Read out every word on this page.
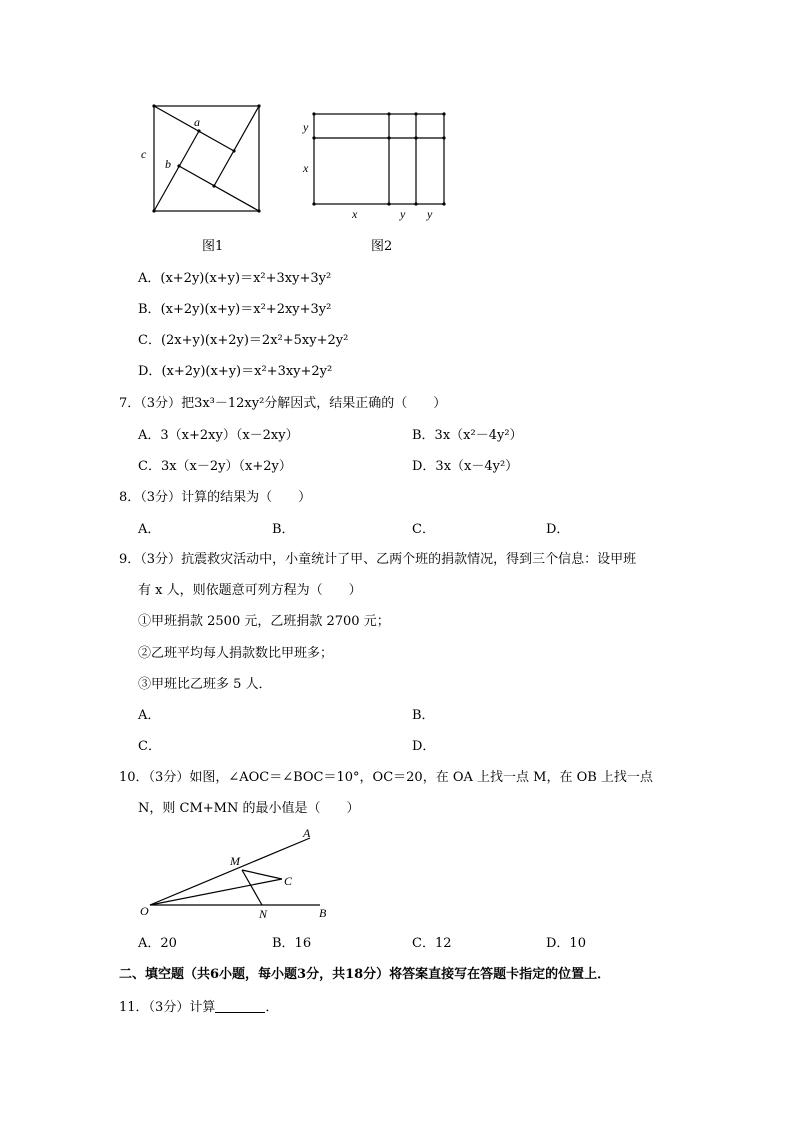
a
b
c
图1
y
x
x	y y
图2
A．(x+2y)(x+y)＝x²+3xy+3y²
B．(x+2y)(x+y)＝x²+2xy+3y²
C．(2x+y)(x+2y)＝2x²+5xy+2y²
D．(x+2y)(x+y)＝x²+3xy+2y²
7．（3分）把3x³－12xy²分解因式，结果正确的（　　）
A．3（x+2xy）（x－2xy）	B．3x（x²－4y²）
C．3x（x－2y）（x+2y）	D．3x（x－4y²）
8．（3分）计算的结果为（　　）
A．	B．	C．	D．
9．（3分）抗震救灾活动中，小童统计了甲、乙两个班的捐款情况，得到三个信息：设甲班
有 x 人，则依题意可列方程为（　　）
①甲班捐款 2500 元，乙班捐款 2700 元；
②乙班平均每人捐款数比甲班多；
③甲班比乙班多 5 人．
A．	B．
C．	D．
10．（3分）如图，∠AOC＝∠BOC＝10°，OC＝20，在 OA 上找一点 M，在 OB 上找一点
N，则 CM+MN 的最小值是（　　）
A
M
C
O	N	B
A．20	B．16	C．12	D．10
二、填空题（共6小题，每小题3分，共18分）将答案直接写在答题卡指定的位置上．
11．（3分）计算	．
